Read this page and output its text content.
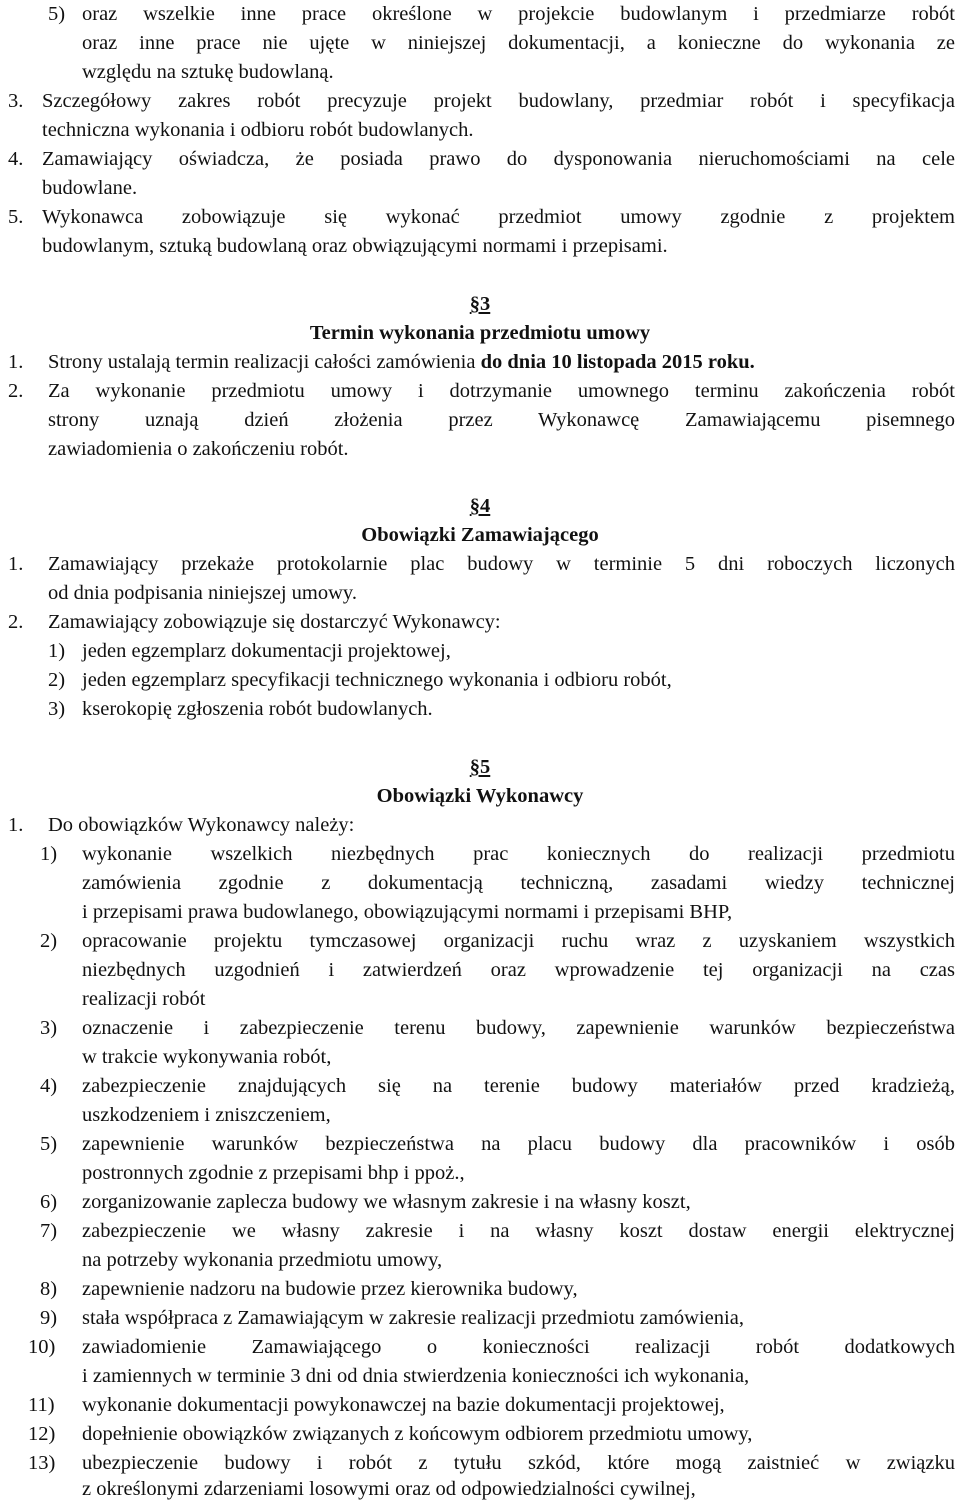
5) oraz wszelkie inne prace określone w projekcie budowlanym i przedmiarze robót
oraz inne prace nie ujęte w niniejszej dokumentacji, a konieczne do wykonania ze
względu na sztukę budowlaną.
3. Szczegółowy zakres robót precyzuje projekt budowlany, przedmiar robót i specyfikacja
techniczna wykonania i odbioru robót budowlanych.
4. Zamawiający oświadcza, że posiada prawo do dysponowania nieruchomościami na cele
budowlane.
5. Wykonawca zobowiązuje się wykonać przedmiot umowy zgodnie z projektem
budowlanym, sztuką budowlaną oraz obwiązującymi normami i przepisami.
§3
Termin wykonania przedmiotu umowy
1. Strony ustalają termin realizacji całości zamówienia do dnia 10 listopada 2015 roku.
2. Za wykonanie przedmiotu umowy i dotrzymanie umownego terminu zakończenia robót
strony uznają dzień złożenia przez Wykonawcę Zamawiającemu pisemnego
zawiadomienia o zakończeniu robót.
§4
Obowiązki Zamawiającego
1. Zamawiający przekaże protokolarnie plac budowy w terminie 5 dni roboczych liczonych
od dnia podpisania niniejszej umowy.
2. Zamawiający zobowiązuje się dostarczyć Wykonawcy:
1) jeden egzemplarz dokumentacji projektowej,
2) jeden egzemplarz specyfikacji technicznego wykonania i odbioru robót,
3) kserokopię zgłoszenia robót budowlanych.
§5
Obowiązki Wykonawcy
1. Do obowiązków Wykonawcy należy:
1) wykonanie wszelkich niezbędnych prac koniecznych do realizacji przedmiotu
zamówienia zgodnie z dokumentacją techniczną, zasadami wiedzy technicznej
i przepisami prawa budowlanego, obowiązującymi normami i przepisami BHP,
2) opracowanie projektu tymczasowej organizacji ruchu wraz z uzyskaniem wszystkich
niezbędnych uzgodnień i zatwierdzeń oraz wprowadzenie tej organizacji na czas
realizacji robót
3) oznaczenie i zabezpieczenie terenu budowy, zapewnienie warunków bezpieczeństwa
w trakcie wykonywania robót,
4) zabezpieczenie znajdujących się na terenie budowy materiałów przed kradzieżą,
uszkodzeniem i zniszczeniem,
5) zapewnienie warunków bezpieczeństwa na placu budowy dla pracowników i osób
postronnych zgodnie z przepisami bhp i ppoż.,
6) zorganizowanie zaplecza budowy we własnym zakresie i na własny koszt,
7) zabezpieczenie we własny zakresie i na własny koszt dostaw energii elektrycznej
na potrzeby wykonania przedmiotu umowy,
8) zapewnienie nadzoru na budowie przez kierownika budowy,
9) stała współpraca z Zamawiającym w zakresie realizacji przedmiotu zamówienia,
10) zawiadomienie Zamawiającego o konieczności realizacji robót dodatkowych
i zamiennych w terminie 3 dni od dnia stwierdzenia konieczności ich wykonania,
11) wykonanie dokumentacji powykonawczej na bazie dokumentacji projektowej,
12) dopełnienie obowiązków związanych z końcowym odbiorem przedmiotu umowy,
13) ubezpieczenie budowy i robót z tytułu szkód, które mogą zaistnieć w związku
z określonymi zdarzeniami losowymi oraz od odpowiedzialności cywilnej,
